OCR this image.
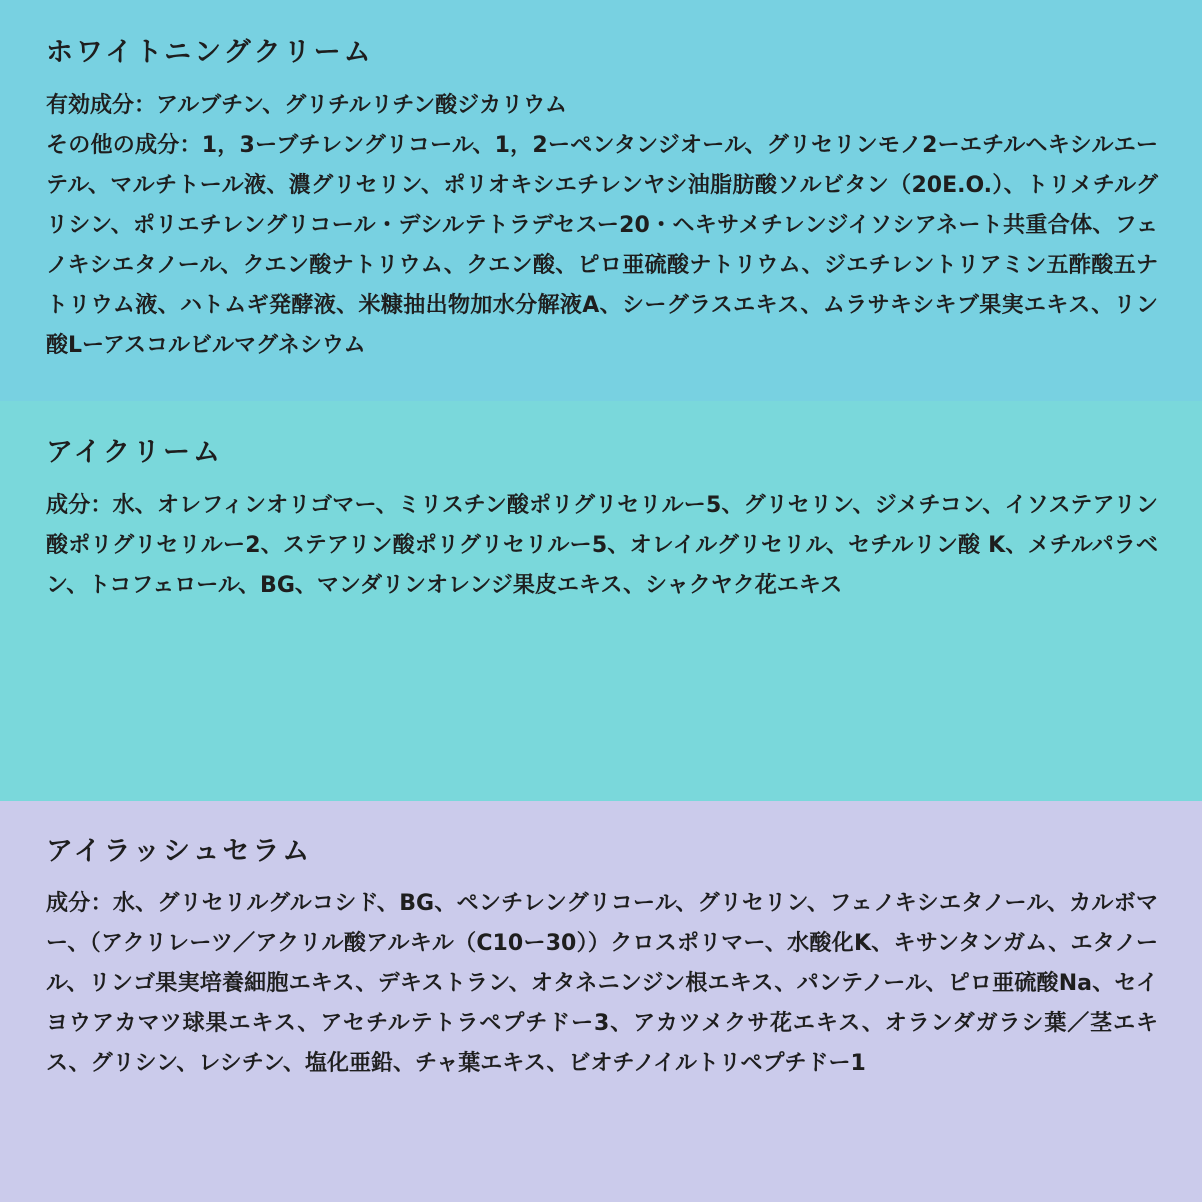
ホワイトニングクリーム

有効成分：アルブチン、グリチルリチン酸ジカリウム

その他の成分：1，3ーブチレングリコール、1，2ーペンタンジオール、グリセリンモノ2ーエチルヘキシルエーテル、マルチトール液、濃グリセリン、ポリオキシエチレンヤシ油脂肪酸ソルビタン（20E.O.）、トリメチルグリシン、ポリエチレングリコール・デシルテトラデセスー20・ヘキサメチレンジイソシアネート共重合体、フェノキシエタノール、クエン酸ナトリウム、クエン酸、ピロ亜硫酸ナトリウム、ジエチレントリアミン五酢酸五ナトリウム液、ハトムギ発酵液、米糠抽出物加水分解液A、シーグラスエキス、ムラサキシキブ果実エキス、リン酸Lーアスコルビルマグネシウム

アイクリーム

成分：水、オレフィンオリゴマー、ミリスチン酸ポリグリセリルー5、グリセリン、ジメチコン、イソステアリン酸ポリグリセリルー2、ステアリン酸ポリグリセリルー5、オレイルグリセリル、セチルリン酸 K、メチルパラベン、トコフェロール、BG、マンダリンオレンジ果皮エキス、シャクヤク花エキス

アイラッシュセラム

成分：水、グリセリルグルコシド、BG、ペンチレングリコール、グリセリン、フェノキシエタノール、カルボマー、（アクリレーツ／アクリル酸アルキル（C10ー30））クロスポリマー、水酸化K、キサンタンガム、エタノール、リンゴ果実培養細胞エキス、デキストラン、オタネニンジン根エキス、パンテノール、ピロ亜硫酸Na、セイヨウアカマツ球果エキス、アセチルテトラペプチドー3、アカツメクサ花エキス、オランダガラシ葉／茎エキス、グリシン、レシチン、塩化亜鉛、チャ葉エキス、ビオチノイルトリペプチドー1
